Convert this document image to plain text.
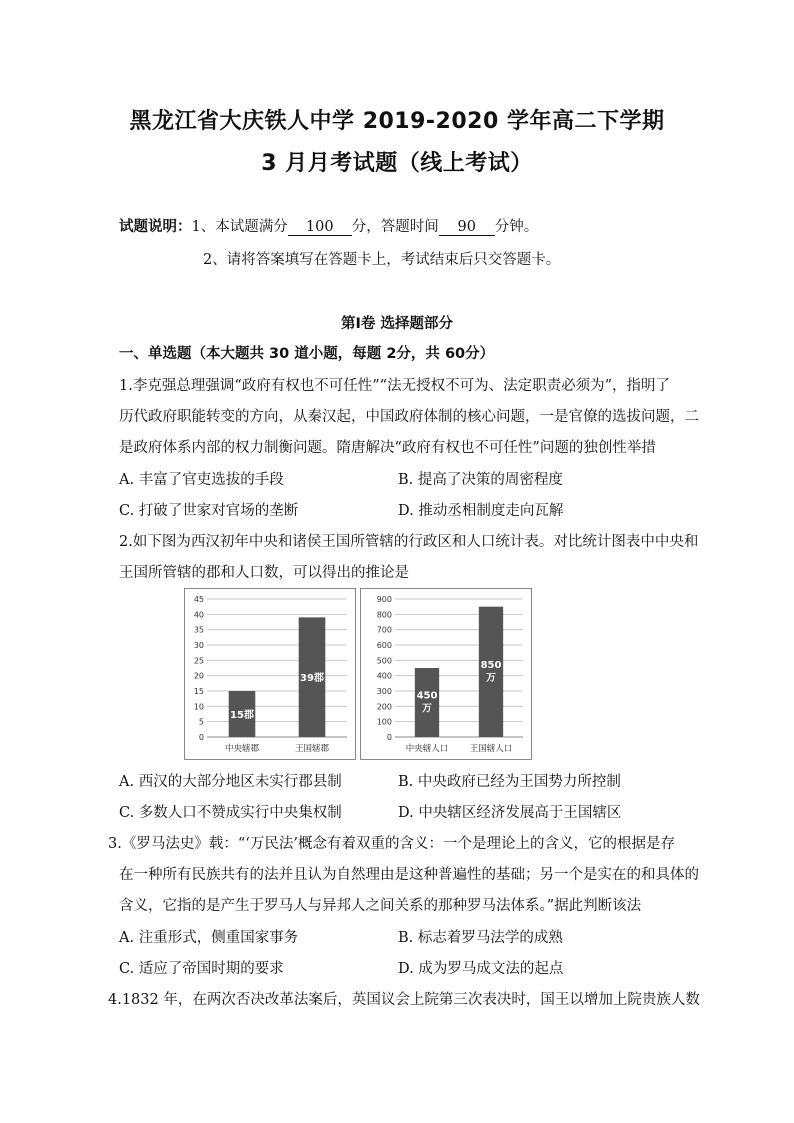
黑龙江省大庆铁人中学 2019-2020 学年高二下学期
3 月月考试题（线上考试）
试题说明：1、本试题满分 100 分，答题时间 90 分钟。
2、请将答案填写在答题卡上，考试结束后只交答题卡。
第Ⅰ卷 选择题部分
一、单选题（本大题共 30 道小题，每题 2分，共 60分）
1.李克强总理强调“政府有权也不可任性”“法无授权不可为、法定职责必须为”，指明了
历代政府职能转变的方向，从秦汉起，中国政府体制的核心问题，一是官僚的选拔问题，二
是政府体系内部的权力制衡问题。隋唐解决“政府有权也不可任性”问题的独创性举措
A. 丰富了官吏选拔的手段	B. 提高了决策的周密程度
C. 打破了世家对官场的垄断	D. 推动丞相制度走向瓦解
2.如下图为西汉初年中央和诸侯王国所管辖的行政区和人口统计表。对比统计图表中中央和
王国所管辖的郡和人口数，可以得出的推论是
0
5
10
15
20
25
30
35
40
45
15郡
中央辖郡
39郡
王国辖郡
0
100
200
300
400
500
600
700
800
900
450
万
中央辖人口
850
万
王国辖人口
A. 西汉的大部分地区未实行郡县制	B. 中央政府已经为王国势力所控制
C. 多数人口不赞成实行中央集权制	D. 中央辖区经济发展高于王国辖区
3.《罗马法史》载：“‘万民法’概念有着双重的含义：一个是理论上的含义，它的根据是存
在一种所有民族共有的法并且认为自然理由是这种普遍性的基础；另一个是实在的和具体的
含义，它指的是产生于罗马人与异邦人之间关系的那种罗马法体系。”据此判断该法
A. 注重形式，侧重国家事务	B. 标志着罗马法学的成熟
C. 适应了帝国时期的要求	D. 成为罗马成文法的起点
4.1832 年，在两次否决改革法案后，英国议会上院第三次表决时，国王以增加上院贵族人数
